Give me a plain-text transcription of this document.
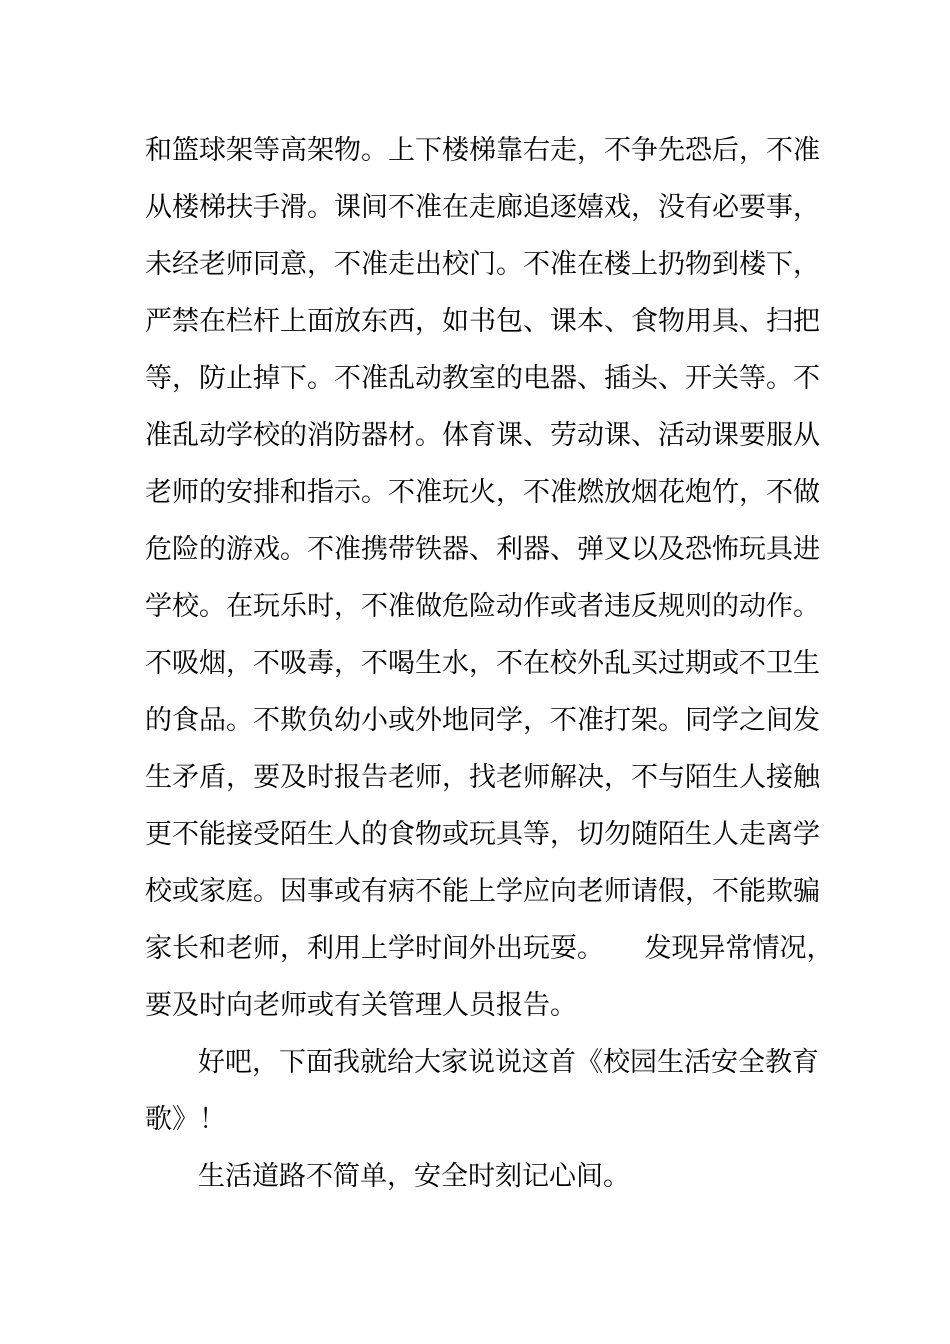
和篮球架等高架物。上下楼梯靠右走，不争先恐后，不准
从楼梯扶手滑。课间不准在走廊追逐嬉戏，没有必要事，
未经老师同意，不准走出校门。不准在楼上扔物到楼下，
严禁在栏杆上面放东西，如书包、课本、食物用具、扫把
等，防止掉下。不准乱动教室的电器、插头、开关等。不
准乱动学校的消防器材。体育课、劳动课、活动课要服从
老师的安排和指示。不准玩火，不准燃放烟花炮竹，不做
危险的游戏。不准携带铁器、利器、弹叉以及恐怖玩具进
学校。在玩乐时，不准做危险动作或者违反规则的动作。
不吸烟，不吸毒，不喝生水，不在校外乱买过期或不卫生
的食品。不欺负幼小或外地同学，不准打架。同学之间发
生矛盾，要及时报告老师，找老师解决，不与陌生人接触
更不能接受陌生人的食物或玩具等，切勿随陌生人走离学
校或家庭。因事或有病不能上学应向老师请假，不能欺骗
家长和老师，利用上学时间外出玩耍。　　发现异常情况，
要及时向老师或有关管理人员报告。
好吧，下面我就给大家说说这首《校园生活安全教育
歌》！
生活道路不简单，安全时刻记心间。
